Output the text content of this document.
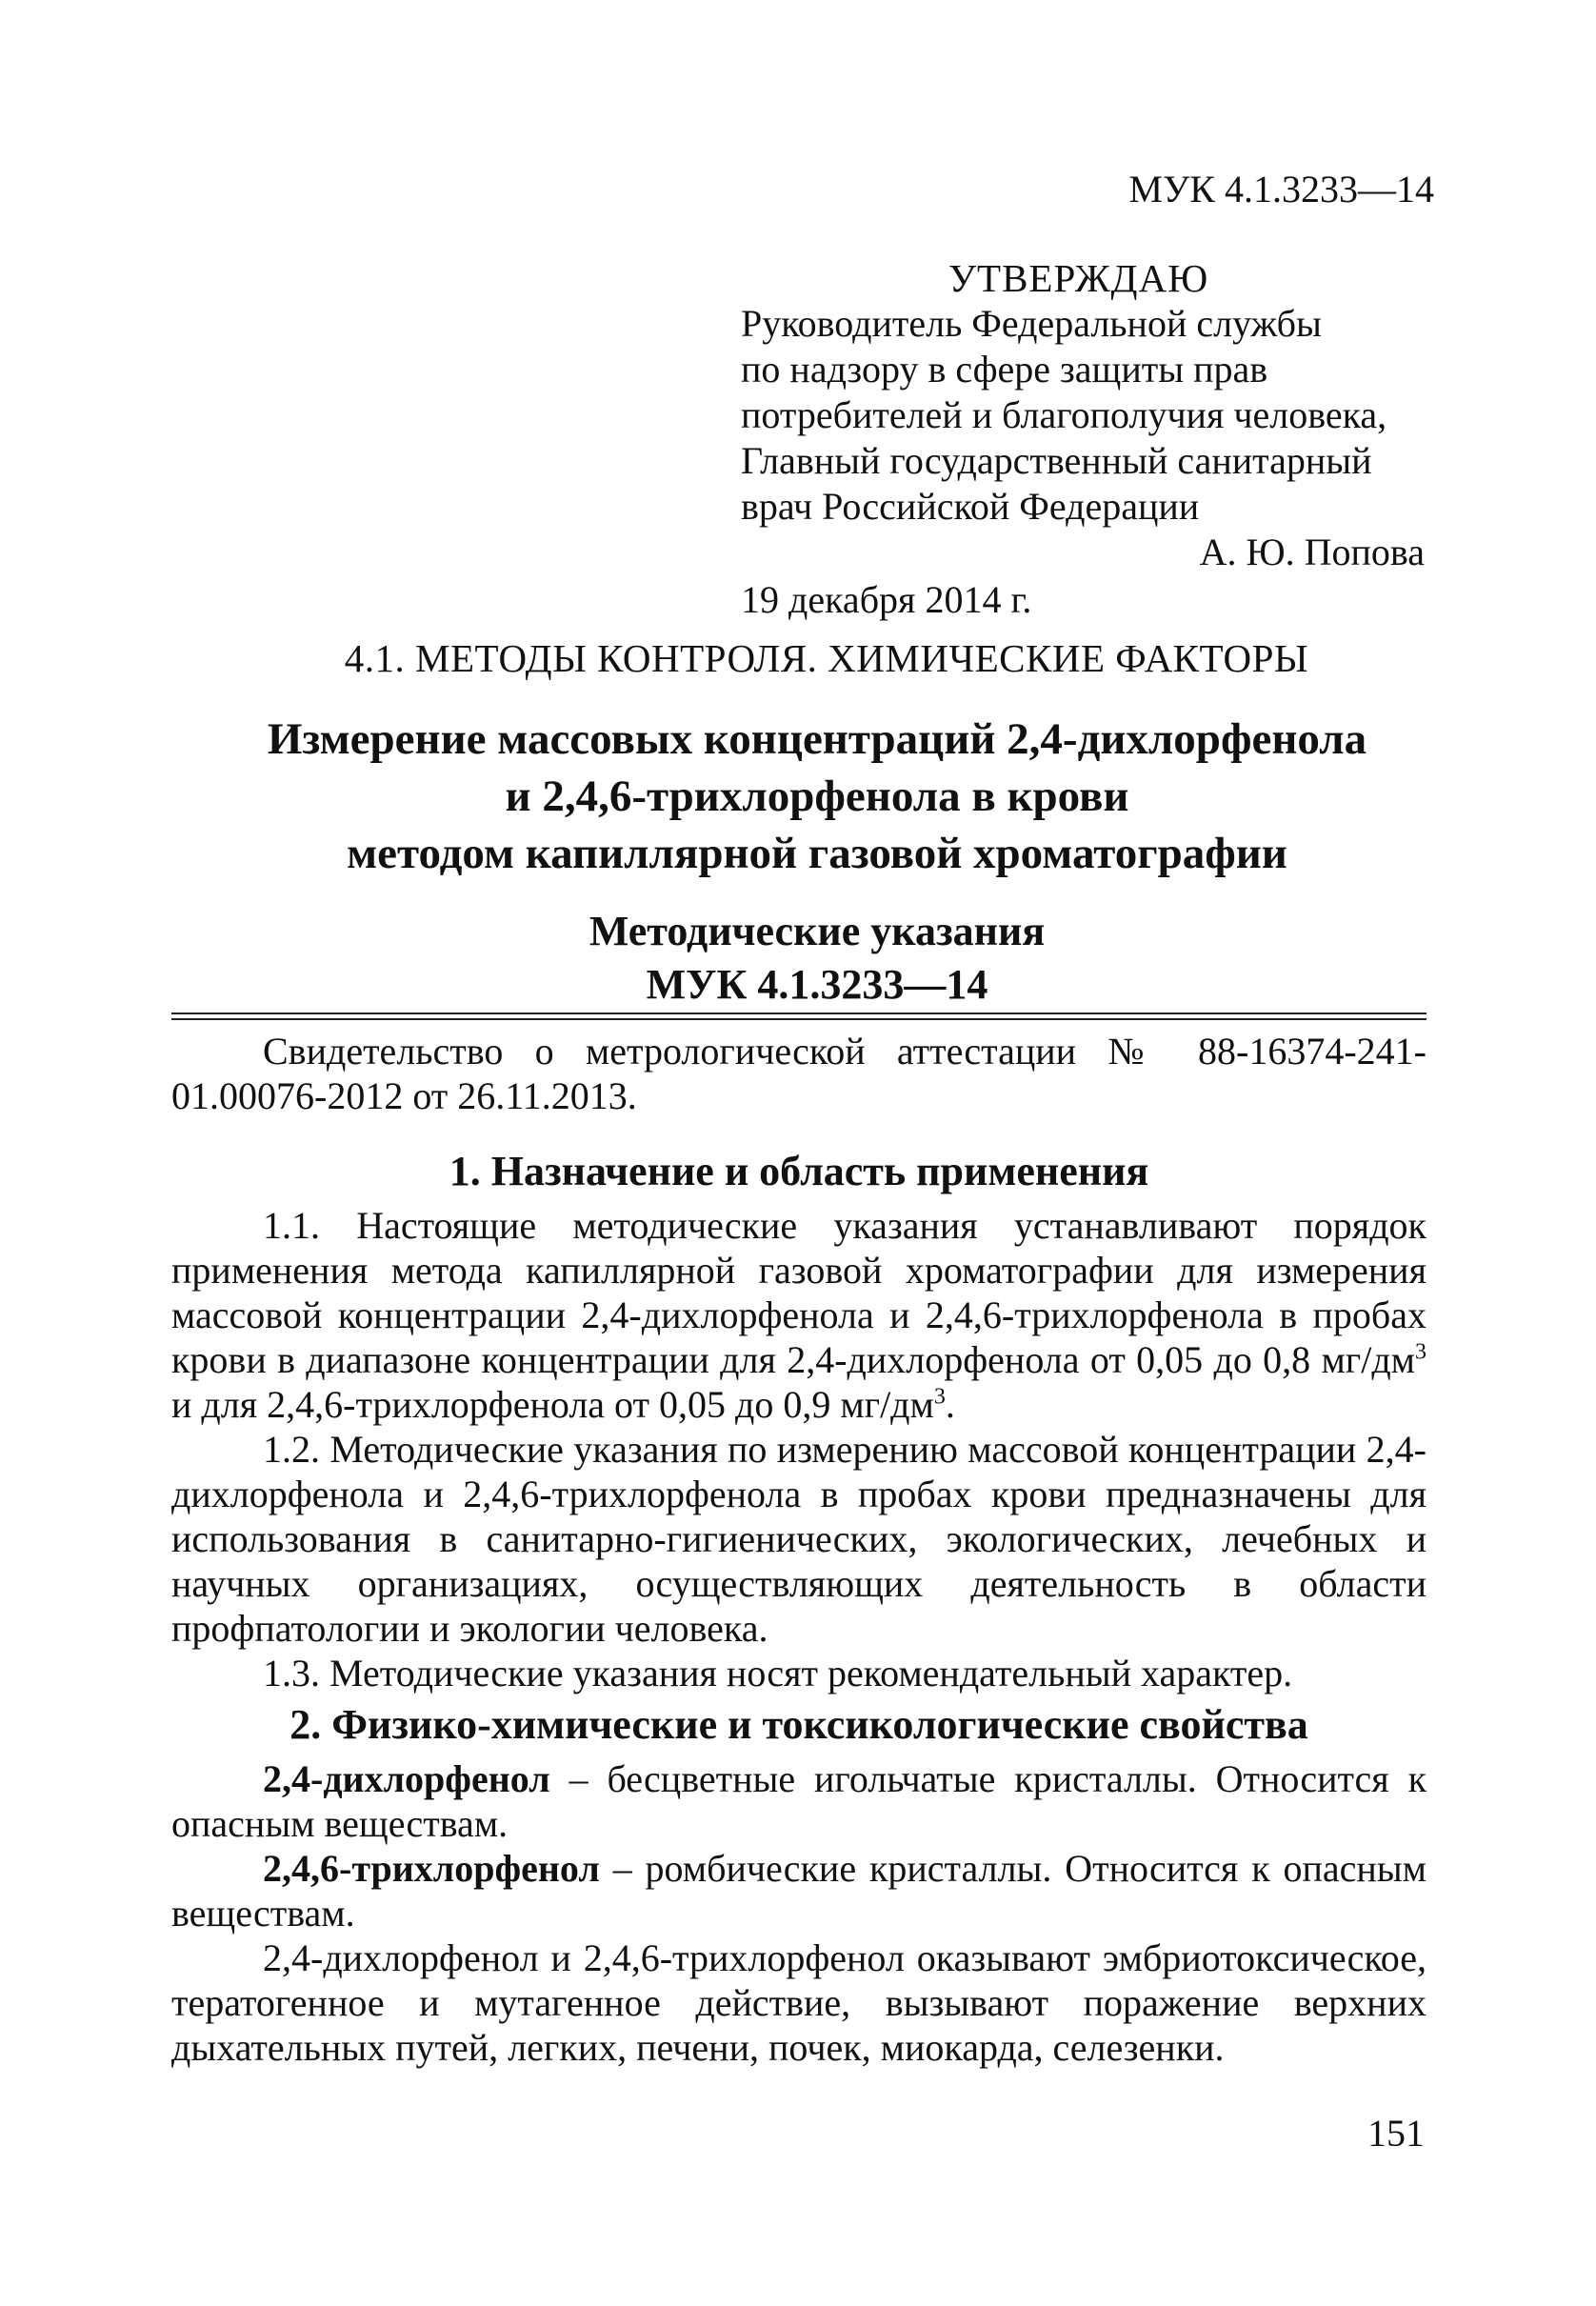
МУК 4.1.3233—14
УТВЕРЖДАЮ
Руководитель Федеральной службы
по надзору в сфере защиты прав
потребителей и благополучия человека,
Главный государственный санитарный
врач Российской Федерации
А. Ю. Попова
19 декабря 2014 г.
4.1. МЕТОДЫ КОНТРОЛЯ. ХИМИЧЕСКИЕ ФАКТОРЫ
Измерение массовых концентраций 2,4-дихлорфенола
и 2,4,6-трихлорфенола в крови
методом капиллярной газовой хроматографии
Методические указания
МУК 4.1.3233—14

Свидетельство о метрологической аттестации № 88-16374-241-01.00076-2012 от 26.11.2013.

1. Назначение и область применения

1.1. Настоящие методические указания устанавливают порядок применения метода капиллярной газовой хроматографии для измерения массовой концентрации 2,4-дихлорфенола и 2,4,6-трихлорфенола в пробах крови в диапазоне концентрации для 2,4-дихлорфенола от 0,05 до 0,8 $мг/дм^3$ и для 2,4,6-трихлорфенола от 0,05 до 0,9 $мг/дм^3$.

1.2. Методические указания по измерению массовой концентрации 2,4-дихлорфенола и 2,4,6-трихлорфенола в пробах крови предназначены для использования в санитарно-гигиенических, экологических, лечебных и научных организациях, осуществляющих деятельность в области профпатологии и экологии человека.

1.3. Методические указания носят рекомендательный характер.

2. Физико-химические и токсикологические свойства

2,4-дихлорфенол – бесцветные игольчатые кристаллы. Относится к опасным веществам.

2,4,6-трихлорфенол – ромбические кристаллы. Относится к опасным веществам.

2,4-дихлорфенол и 2,4,6-трихлорфенол оказывают эмбриотоксическое, тератогенное и мутагенное действие, вызывают поражение верхних дыхательных путей, легких, печени, почек, миокарда, селезенки.

151
